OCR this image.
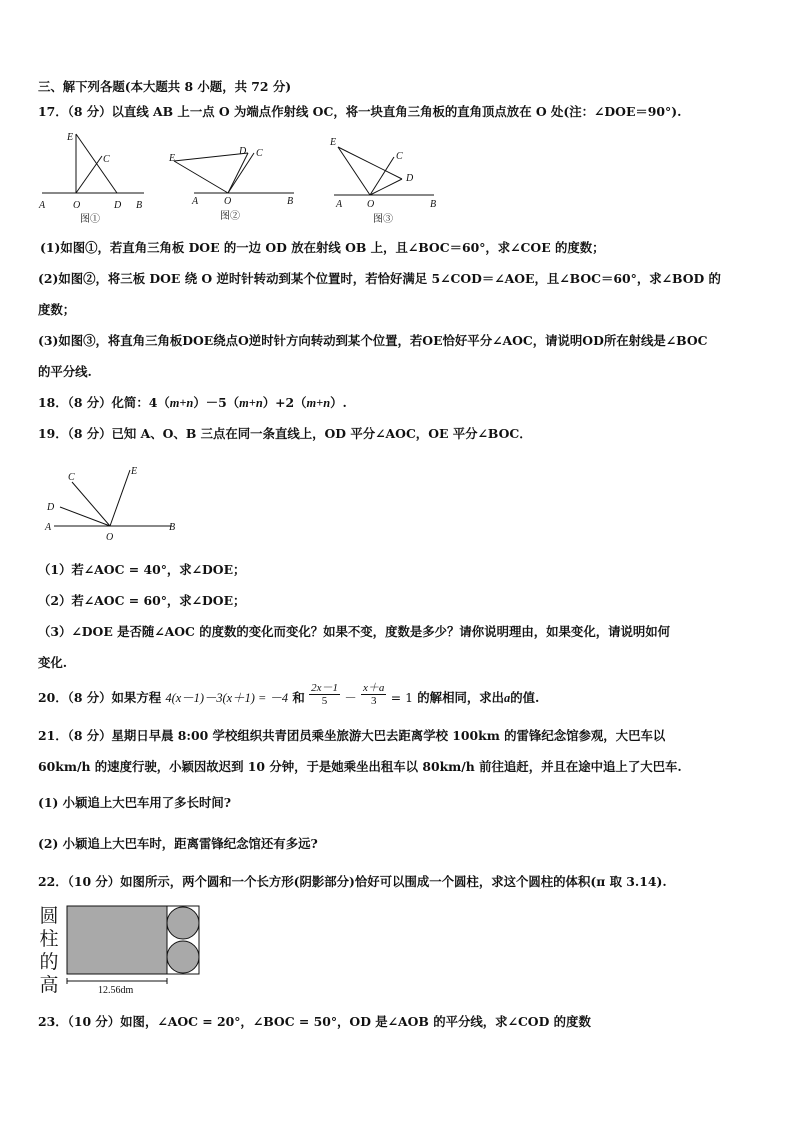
三、解下列各题(本大题共 8 小题，共 72 分)
17．（8 分）以直线 AB 上一点 O 为端点作射线 OC，将一块直角三角板的直角顶点放在 O 处(注：∠DOE＝90°).
E
C
A	O	D B
图①
E
D C
A	O	B
图②
E
C
D
A O	B
图③
(1)如图①，若直角三角板 DOE 的一边 OD 放在射线 OB 上，且∠BOC＝60°，求∠COE 的度数；
(2)如图②，将三板 DOE 绕 O 逆时针转动到某个位置时，若恰好满足 5∠COD＝∠AOE，且∠BOC＝60°，求∠BOD 的
度数；
(3)如图③，将直角三角板DOE绕点O逆时针方向转动到某个位置，若OE恰好平分∠AOC，请说明OD所在射线是∠BOC
的平分线.
18．（8 分）化简：4（m+n）－5（m+n）+2（m+n）.
19．（8 分）已知 A、O、B 三点在同一条直线上，OD 平分∠AOC，OE 平分∠BOC．
C
E
D
A
O
B
（1）若∠AOC = 40°，求∠DOE；
（2）若∠AOC = 60°，求∠DOE；
（3）∠DOE 是否随∠AOC 的度数的变化而变化？如果不变，度数是多少？请你说明理由，如果变化，请说明如何
变化.
20．（8 分）如果方程 4(x－1)－3(x＋1) = －4 和 $\frac{2x-1}{5} - \frac{x+a}{3} = 1$ 的解相同，求出a的值.
21．（8 分）星期日早晨 8:00 学校组织共青团员乘坐旅游大巴去距离学校 100km 的雷锋纪念馆参观，大巴车以
60km/h 的速度行驶，小颖因故迟到 10 分钟，于是她乘坐出租车以 80km/h 前往追赶，并且在途中追上了大巴车.
(1) 小颖追上大巴车用了多长时间?
(2) 小颖追上大巴车时，距离雷锋纪念馆还有多远?
22．（10 分）如图所示，两个圆和一个长方形(阴影部分)恰好可以围成一个圆柱，求这个圆柱的体积(π 取 3.14).
圆
柱
的
高	12.56dm
23．（10 分）如图，∠AOC = 20°，∠BOC = 50°，OD 是∠AOB 的平分线，求∠COD 的度数
